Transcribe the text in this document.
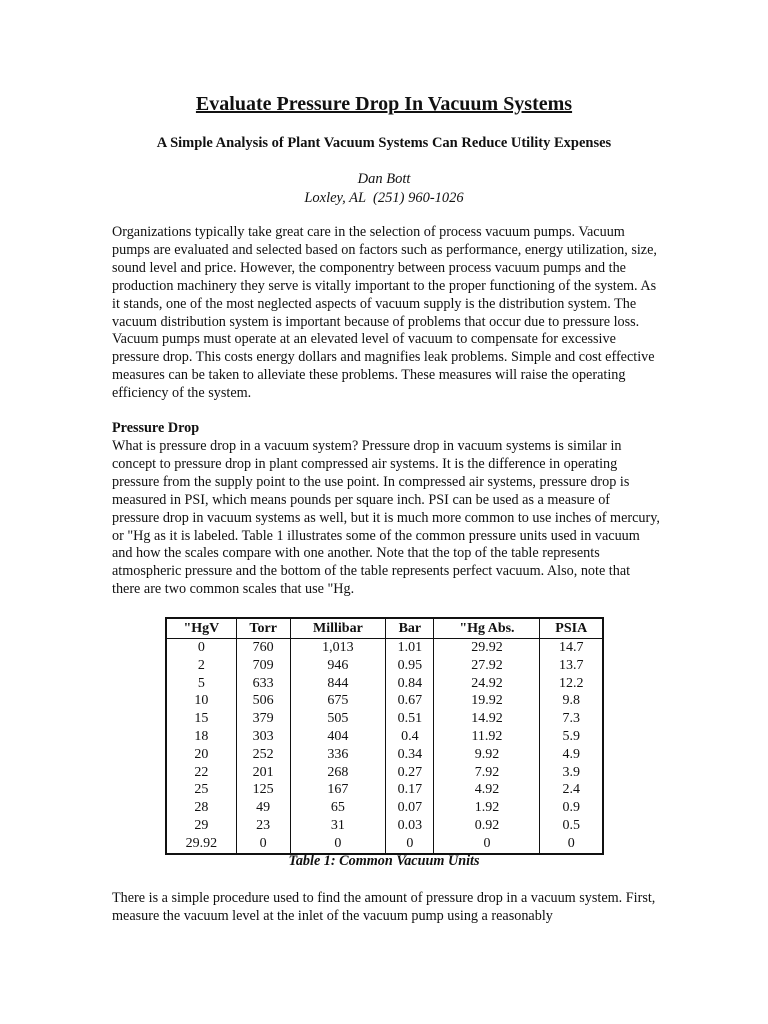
Evaluate Pressure Drop In Vacuum Systems
A Simple Analysis of Plant Vacuum Systems Can Reduce Utility Expenses
Dan Bott
Loxley, AL  (251) 960-1026

Organizations typically take great care in the selection of process vacuum pumps. Vacuum pumps are evaluated and selected based on factors such as performance, energy utilization, size, sound level and price. However, the componentry between process vacuum pumps and the production machinery they serve is vitally important to the proper functioning of the system. As it stands, one of the most neglected aspects of vacuum supply is the distribution system. The vacuum distribution system is important because of problems that occur due to pressure loss. Vacuum pumps must operate at an elevated level of vacuum to compensate for excessive pressure drop. This costs energy dollars and magnifies leak problems. Simple and cost effective measures can be taken to alleviate these problems. These measures will raise the operating efficiency of the system.

Pressure Drop

What is pressure drop in a vacuum system? Pressure drop in vacuum systems is similar in concept to pressure drop in plant compressed air systems. It is the difference in operating pressure from the supply point to the use point. In compressed air systems, pressure drop is measured in PSI, which means pounds per square inch. PSI can be used as a measure of pressure drop in vacuum systems as well, but it is much more common to use inches of mercury, or "Hg as it is labeled. Table 1 illustrates some of the common pressure units used in vacuum and how the scales compare with one another. Note that the top of the table represents atmospheric pressure and the bottom of the table represents perfect vacuum. Also, note that there are two common scales that use "Hg.

"HgV	Torr	Millibar	Bar	"Hg Abs.	PSIA
0	760	1,013	1.01	29.92	14.7
2	709	946	0.95	27.92	13.7
5	633	844	0.84	24.92	12.2
10	506	675	0.67	19.92	9.8
15	379	505	0.51	14.92	7.3
18	303	404	0.4	11.92	5.9
20	252	336	0.34	9.92	4.9
22	201	268	0.27	7.92	3.9
25	125	167	0.17	4.92	2.4
28	49	65	0.07	1.92	0.9
29	23	31	0.03	0.92	0.5
29.92	0	0	0	0	0
Table 1: Common Vacuum Units

There is a simple procedure used to find the amount of pressure drop in a vacuum system. First, measure the vacuum level at the inlet of the vacuum pump using a reasonably
